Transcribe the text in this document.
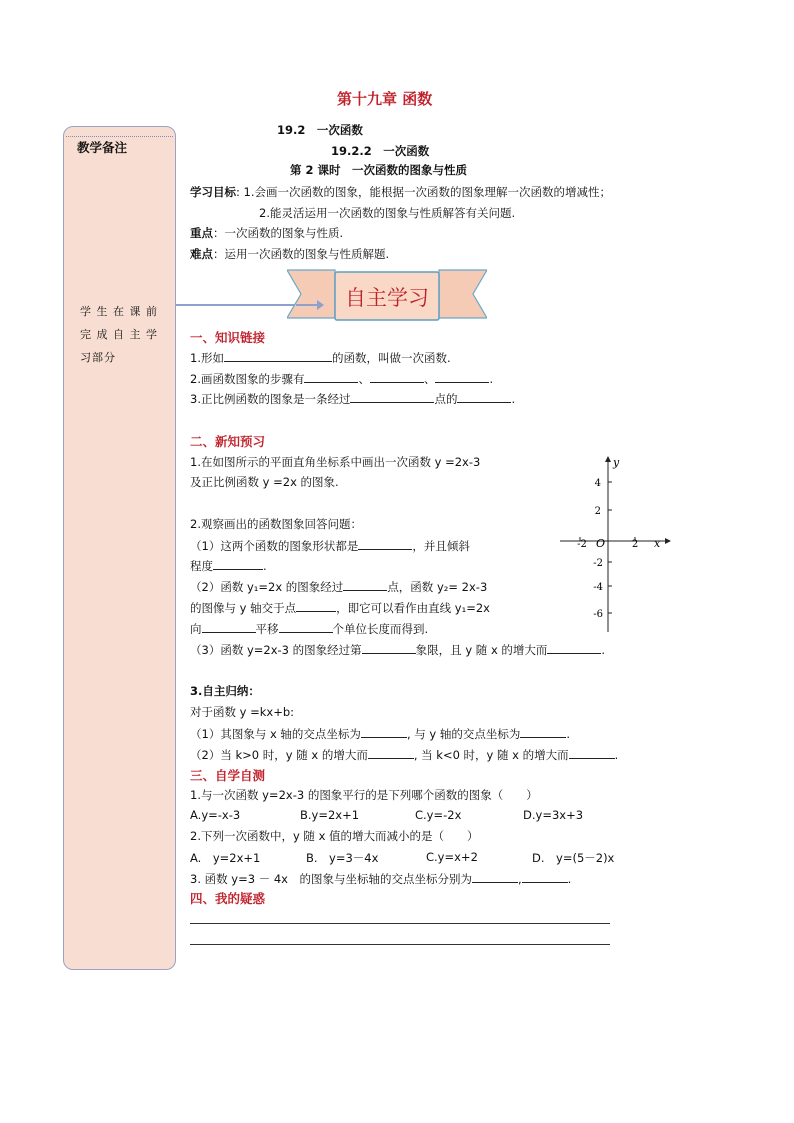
第十九章 函数
19.2　一次函数
19.2.2　一次函数
第 2 课时　一次函数的图象与性质
学习目标: 1.会画一次函数的图象，能根据一次函数的图象理解一次函数的增减性；
2.能灵活运用一次函数的图象与性质解答有关问题.
重点：一次函数的图象与性质.
难点：运用一次函数的图象与性质解题.
教学备注
学 生 在 课 前
完 成 自 主 学
习部分
自主学习
一、知识链接
1.形如	的函数，叫做一次函数.
2.画函数图象的步骤有	、	、	.
3.正比例函数的图象是一条经过	点的	.
二、新知预习
1.在如图所示的平面直角坐标系中画出一次函数 y =2x-3
及正比例函数 y =2x 的图象.
2.观察画出的函数图象回答问题：
（1）这两个函数的图象形状都是	，并且倾斜
程度	.
（2）函数 y₁=2x 的图象经过	点，函数 y₂= 2x-3
的图像与 y 轴交于点	，即它可以看作由直线 y₁=2x
向	平移	个单位长度而得到.
（3）函数 y=2x-3 的图象经过第	象限，且 y 随 x 的增大而	.
y
x
O
4
2
-2
-4
-6
-2	2
3.自主归纳：
对于函数 y =kx+b:
（1）其图象与 x 轴的交点坐标为	, 与 y 轴的交点坐标为	.
（2）当 k>0 时，y 随 x 的增大而	, 当 k<0 时，y 随 x 的增大而	.
三、自学自测
1.与一次函数 y=2x-3 的图象平行的是下列哪个函数的图象（　　）
A.y=-x-3	B.y=2x+1	C.y=-2x	D.y=3x+3
2.下列一次函数中，y 随 x 值的增大而减小的是（　　）
A.　y=2x+1	B.　y=3－4x	C.y=x+2	D.　y=(5－2)x
3. 函数 y=3 － 4x　的图象与坐标轴的交点坐标分别为	,	.
四、我的疑惑
